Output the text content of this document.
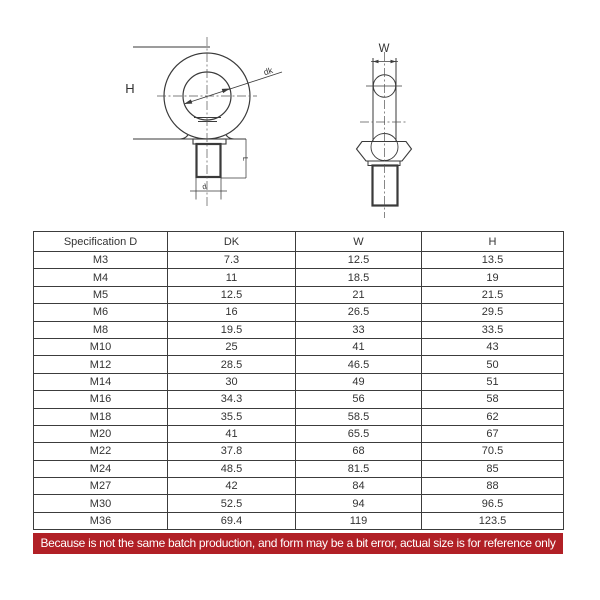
H
dk
L
d
W
Specification D	DK	W	H
M3	7.3	12.5	13.5
M4	11	18.5	19
M5	12.5	21	21.5
M6	16	26.5	29.5
M8	19.5	33	33.5
M10	25	41	43
M12	28.5	46.5	50
M14	30	49	51
M16	34.3	56	58
M18	35.5	58.5	62
M20	41	65.5	67
M22	37.8	68	70.5
M24	48.5	81.5	85
M27	42	84	88
M30	52.5	94	96.5
M36	69.4	119	123.5
Because is not the same batch production, and form may be a bit error, actual size is for reference only
